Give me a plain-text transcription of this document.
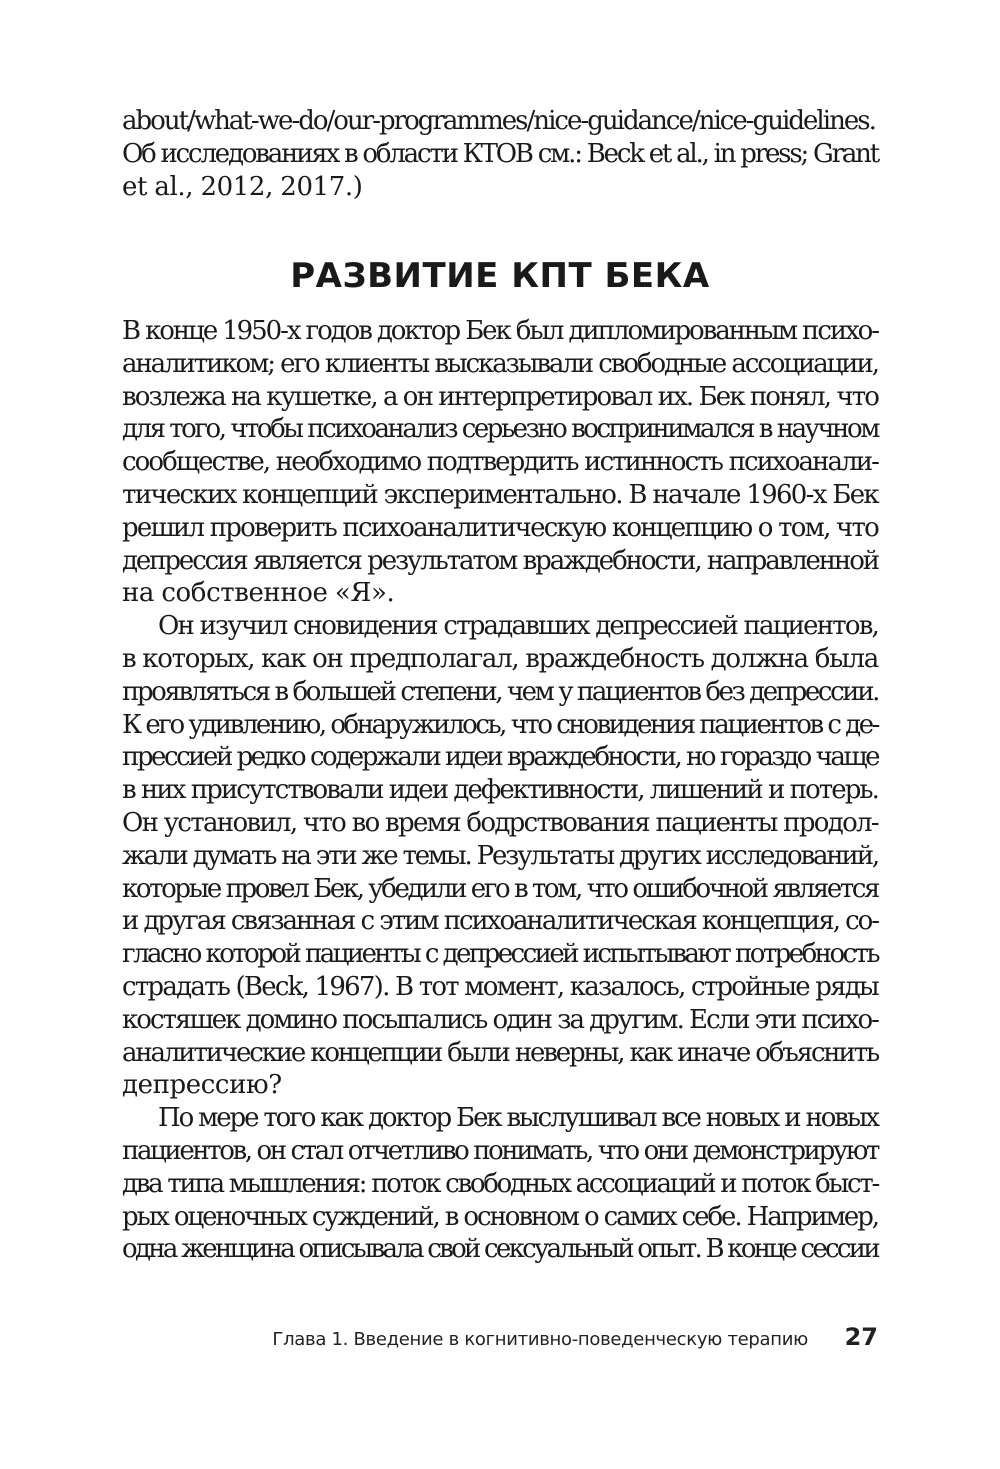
about/what-we-do/our-programmes/nice-guidance/nice-guidelines.
Об исследованиях в области КТОВ см.: Beck et al., in press; Grant
et al., 2012, 2017.)
РАЗВИТИЕ КПТ БЕКА
В конце 1950-х годов доктор Бек был дипломированным психо-
аналитиком; его клиенты высказывали свободные ассоциации,
возлежа на кушетке, а он интерпретировал их. Бек понял, что
для того, чтобы психоанализ серьезно воспринимался в научном
сообществе, необходимо подтвердить истинность психоанали-
тических концепций экспериментально. В начале 1960-х Бек
решил проверить психоаналитическую концепцию о том, что
депрессия является результатом враждебности, направленной
на собственное «Я».
Он изучил сновидения страдавших депрессией пациентов,
в которых, как он предполагал, враждебность должна была
проявляться в большей степени, чем у пациентов без депрессии.
К его удивлению, обнаружилось, что сновидения пациентов с де-
прессией редко содержали идеи враждебности, но гораздо чаще
в них присутствовали идеи дефективности, лишений и потерь.
Он установил, что во время бодрствования пациенты продол-
жали думать на эти же темы. Результаты других исследований,
которые провел Бек, убедили его в том, что ошибочной является
и другая связанная с этим психоаналитическая концепция, со-
гласно которой пациенты с депрессией испытывают потребность
страдать (Beck, 1967). В тот момент, казалось, стройные ряды
костяшек домино посыпались один за другим. Если эти психо-
аналитические концепции были неверны, как иначе объяснить
депрессию?
По мере того как доктор Бек выслушивал все новых и новых
пациентов, он стал отчетливо понимать, что они демонстрируют
два типа мышления: поток свободных ассоциаций и поток быст-
рых оценочных суждений, в основном о самих себе. Например,
одна женщина описывала свой сексуальный опыт. В конце сессии
Глава 1. Введение в когнитивно-поведенческую терапию 27
